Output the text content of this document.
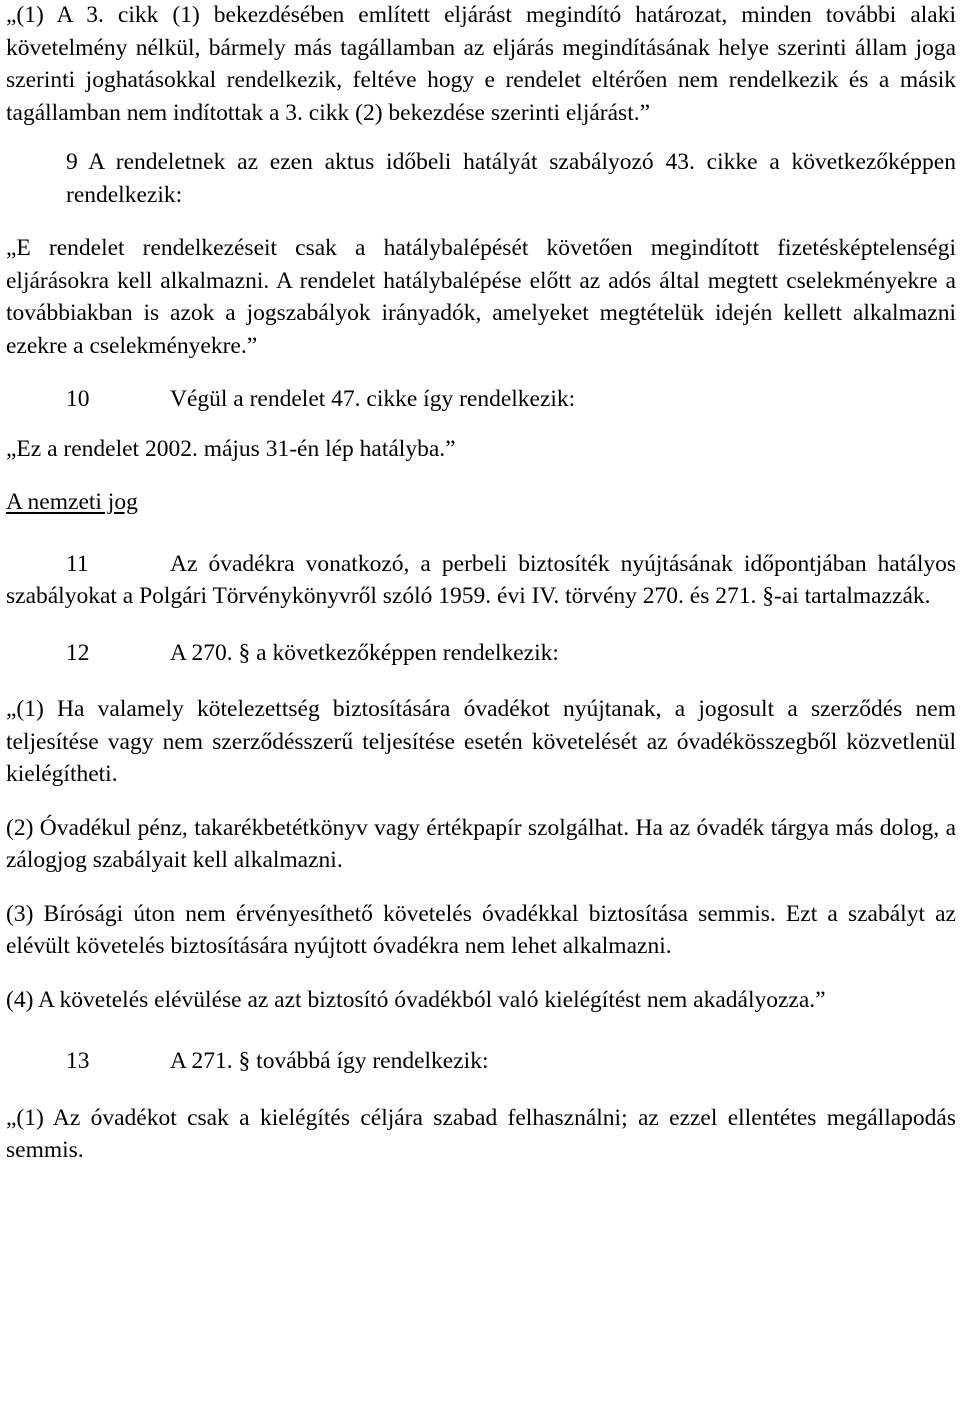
„(1) A 3. cikk (1) bekezdésében említett eljárást megindító határozat, minden további alaki követelmény nélkül, bármely más tagállamban az eljárás megindításának helye szerinti állam joga szerinti joghatásokkal rendelkezik, feltéve hogy e rendelet eltérően nem rendelkezik és a másik tagállamban nem indítottak a 3. cikk (2) bekezdése szerinti eljárást.”

9 A rendeletnek az ezen aktus időbeli hatályát szabályozó 43. cikke a következőképpen rendelkezik:

„E rendelet rendelkezéseit csak a hatálybalépését követően megindított fizetésképtelenségi eljárásokra kell alkalmazni. A rendelet hatálybalépése előtt az adós által megtett cselekményekre a továbbiakban is azok a jogszabályok irányadók, amelyeket megtételük idején kellett alkalmazni ezekre a cselekményekre.”

10	Végül a rendelet 47. cikke így rendelkezik:

„Ez a rendelet 2002. május 31-én lép hatályba.”

A nemzeti jog

11	Az óvadékra vonatkozó, a perbeli biztosíték nyújtásának időpontjában hatályos szabályokat a Polgári Törvénykönyvről szóló 1959. évi IV. törvény 270. és 271. §-ai tartalmazzák.

12	A 270. § a következőképpen rendelkezik:

„(1) Ha valamely kötelezettség biztosítására óvadékot nyújtanak, a jogosult a szerződés nem teljesítése vagy nem szerződésszerű teljesítése esetén követelését az óvadékösszegből közvetlenül kielégítheti.

(2) Óvadékul pénz, takarékbetétkönyv vagy értékpapír szolgálhat. Ha az óvadék tárgya más dolog, a zálogjog szabályait kell alkalmazni.

(3) Bírósági úton nem érvényesíthető követelés óvadékkal biztosítása semmis. Ezt a szabályt az elévült követelés biztosítására nyújtott óvadékra nem lehet alkalmazni.

(4) A követelés elévülése az azt biztosító óvadékból való kielégítést nem akadályozza.”

13	A 271. § továbbá így rendelkezik:

„(1) Az óvadékot csak a kielégítés céljára szabad felhasználni; az ezzel ellentétes megállapodás semmis.
